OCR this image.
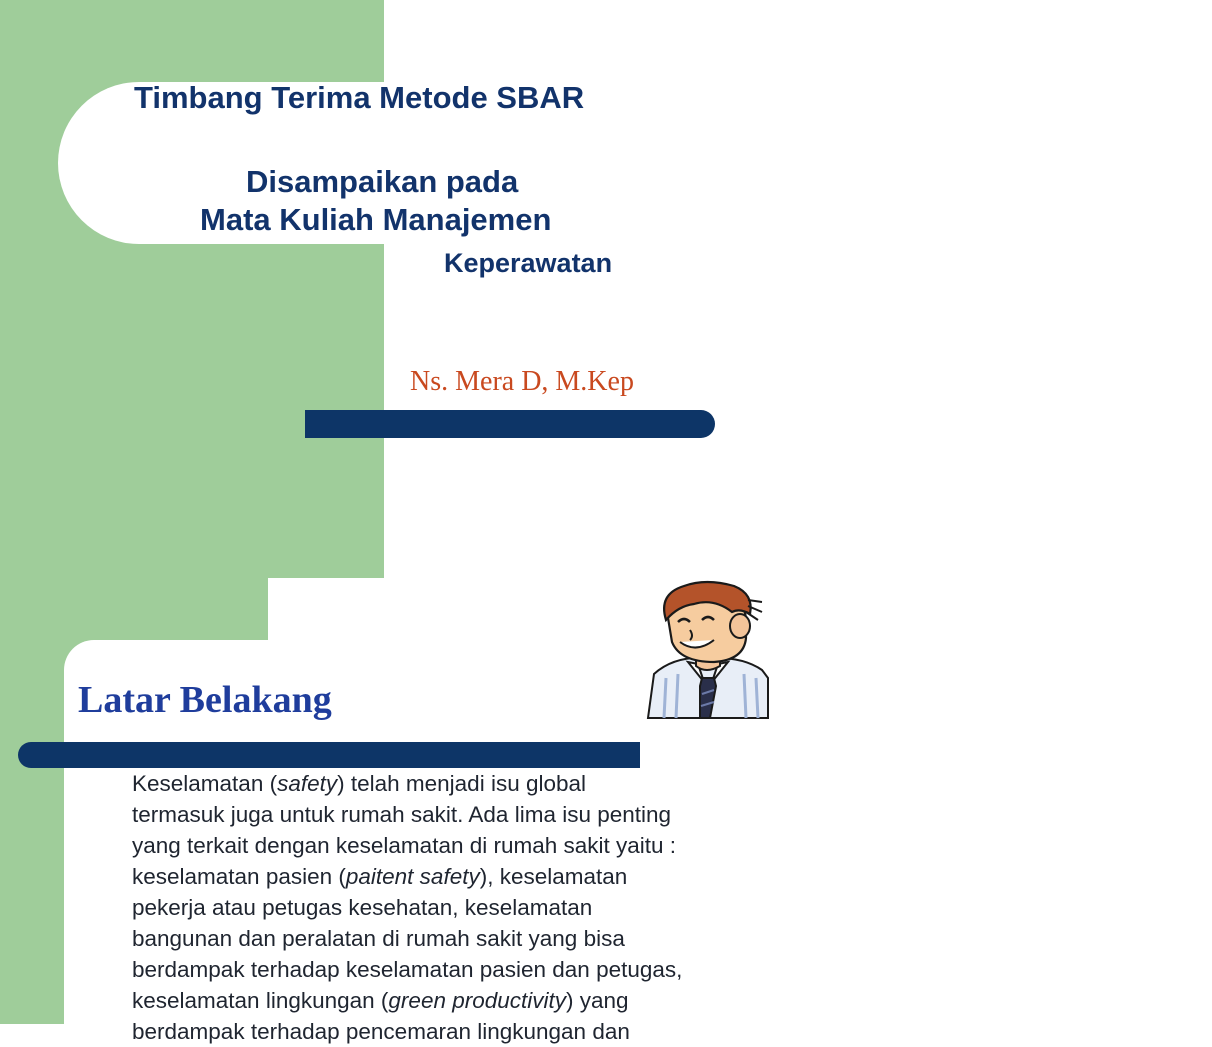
Timbang Terima Metode SBAR
Disampaikan pada
Mata Kuliah Manajemen
Keperawatan
Ns. Mera D, M.Kep
Latar Belakang

Keselamatan (safety) telah menjadi isu global

termasuk juga untuk rumah sakit. Ada lima isu penting

yang terkait dengan keselamatan di rumah sakit yaitu :

keselamatan pasien (paitent safety), keselamatan

pekerja atau petugas kesehatan, keselamatan

bangunan dan peralatan di rumah sakit yang bisa

berdampak terhadap keselamatan pasien dan petugas,

keselamatan lingkungan (green productivity) yang

berdampak terhadap pencemaran lingkungan dan
